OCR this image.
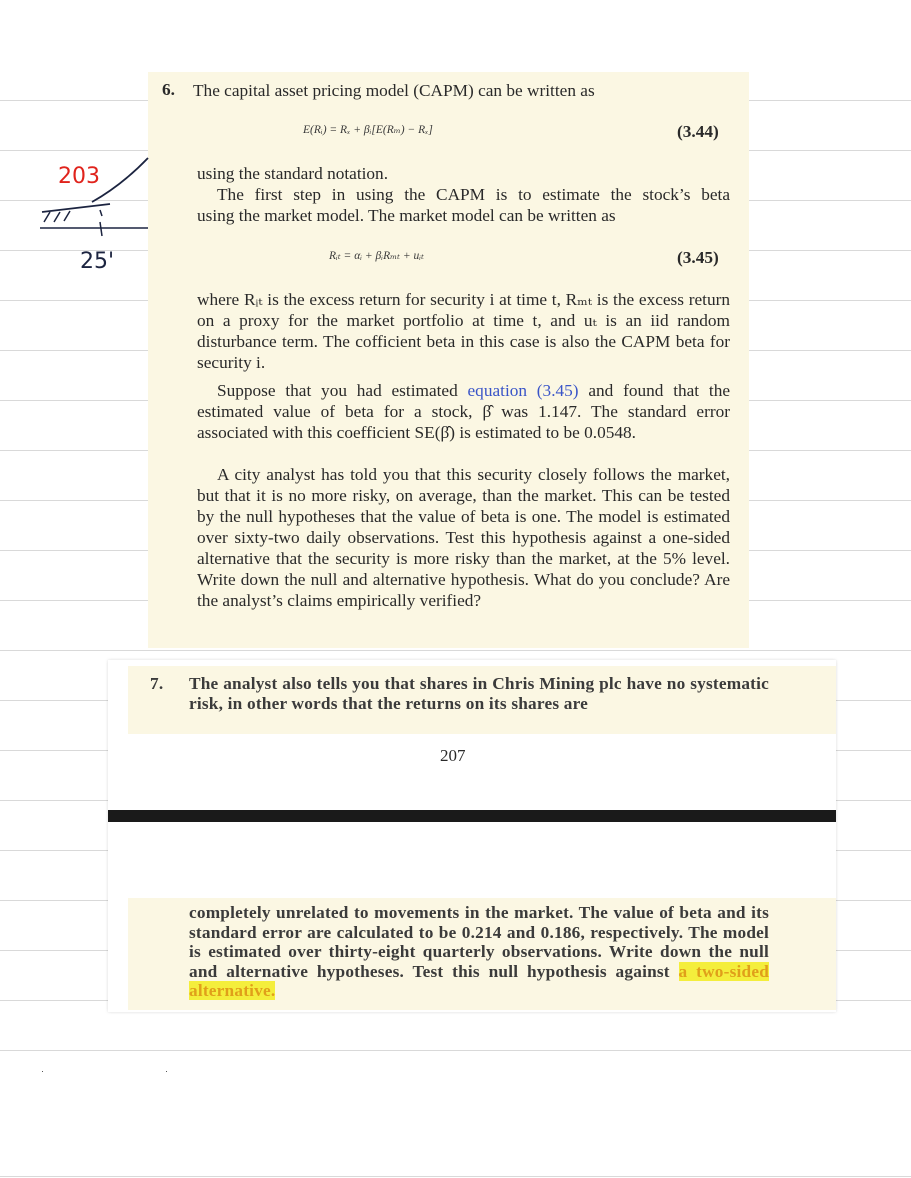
6. The capital asset pricing model (CAPM) can be written as
E(Rᵢ) = Rₓ + βᵢ[E(Rₘ) − Rₓ]	(3.44)
using the standard notation.
The first step in using the CAPM is to estimate the stock’s beta
using the market model. The market model can be written as
Rᵢₜ = αᵢ + βᵢRₘₜ + uᵢₜ	(3.45)
where Rᵢₜ is the excess return for security i at time t, Rₘₜ is the excess return on a proxy for the market portfolio at time t, and uₜ is an iid random disturbance term. The cofficient beta in this case is also the CAPM beta for security i.
Suppose that you had estimated equation (3.45) and found that the estimated value of beta for a stock, β̂ was 1.147. The standard error associated with this coefficient SE(β̂) is estimated to be 0.0548.
A city analyst has told you that this security closely follows the market, but that it is no more risky, on average, than the market. This can be tested by the null hypotheses that the value of beta is one. The model is estimated over sixty-two daily observations. Test this hypothesis against a one-sided alternative that the security is more risky than the market, at the 5% level. Write down the null and alternative hypothesis. What do you conclude? Are the analyst’s claims empirically verified?
7. The analyst also tells you that shares in Chris Mining plc have no systematic risk, in other words that the returns on its shares are
207
completely unrelated to movements in the market. The value of beta and its standard error are calculated to be 0.214 and 0.186, respectively. The model is estimated over thirty-eight quarterly observations. Write down the null and alternative hypotheses. Test this null hypothesis against a two-sided alternative.
203
25'
